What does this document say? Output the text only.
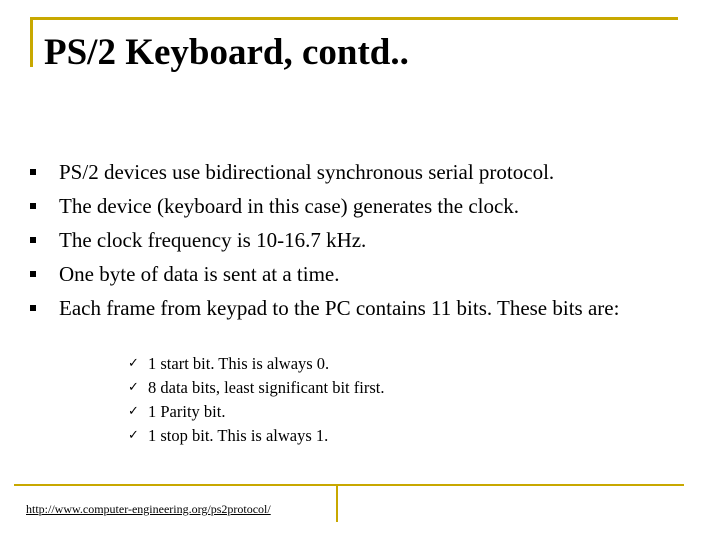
PS/2 Keyboard, contd..
PS/2 devices use bidirectional synchronous serial protocol.
The device (keyboard in this case) generates the clock.
The clock frequency is 10-16.7 kHz.
One byte of data is sent at a time.
Each frame from keypad to the PC contains 11 bits. These bits are:
✓ 1 start bit. This is always 0.
✓ 8 data bits, least significant bit first.
✓ 1 Parity bit.
✓ 1 stop bit. This is always 1.
http://www.computer-engineering.org/ps2protocol/
